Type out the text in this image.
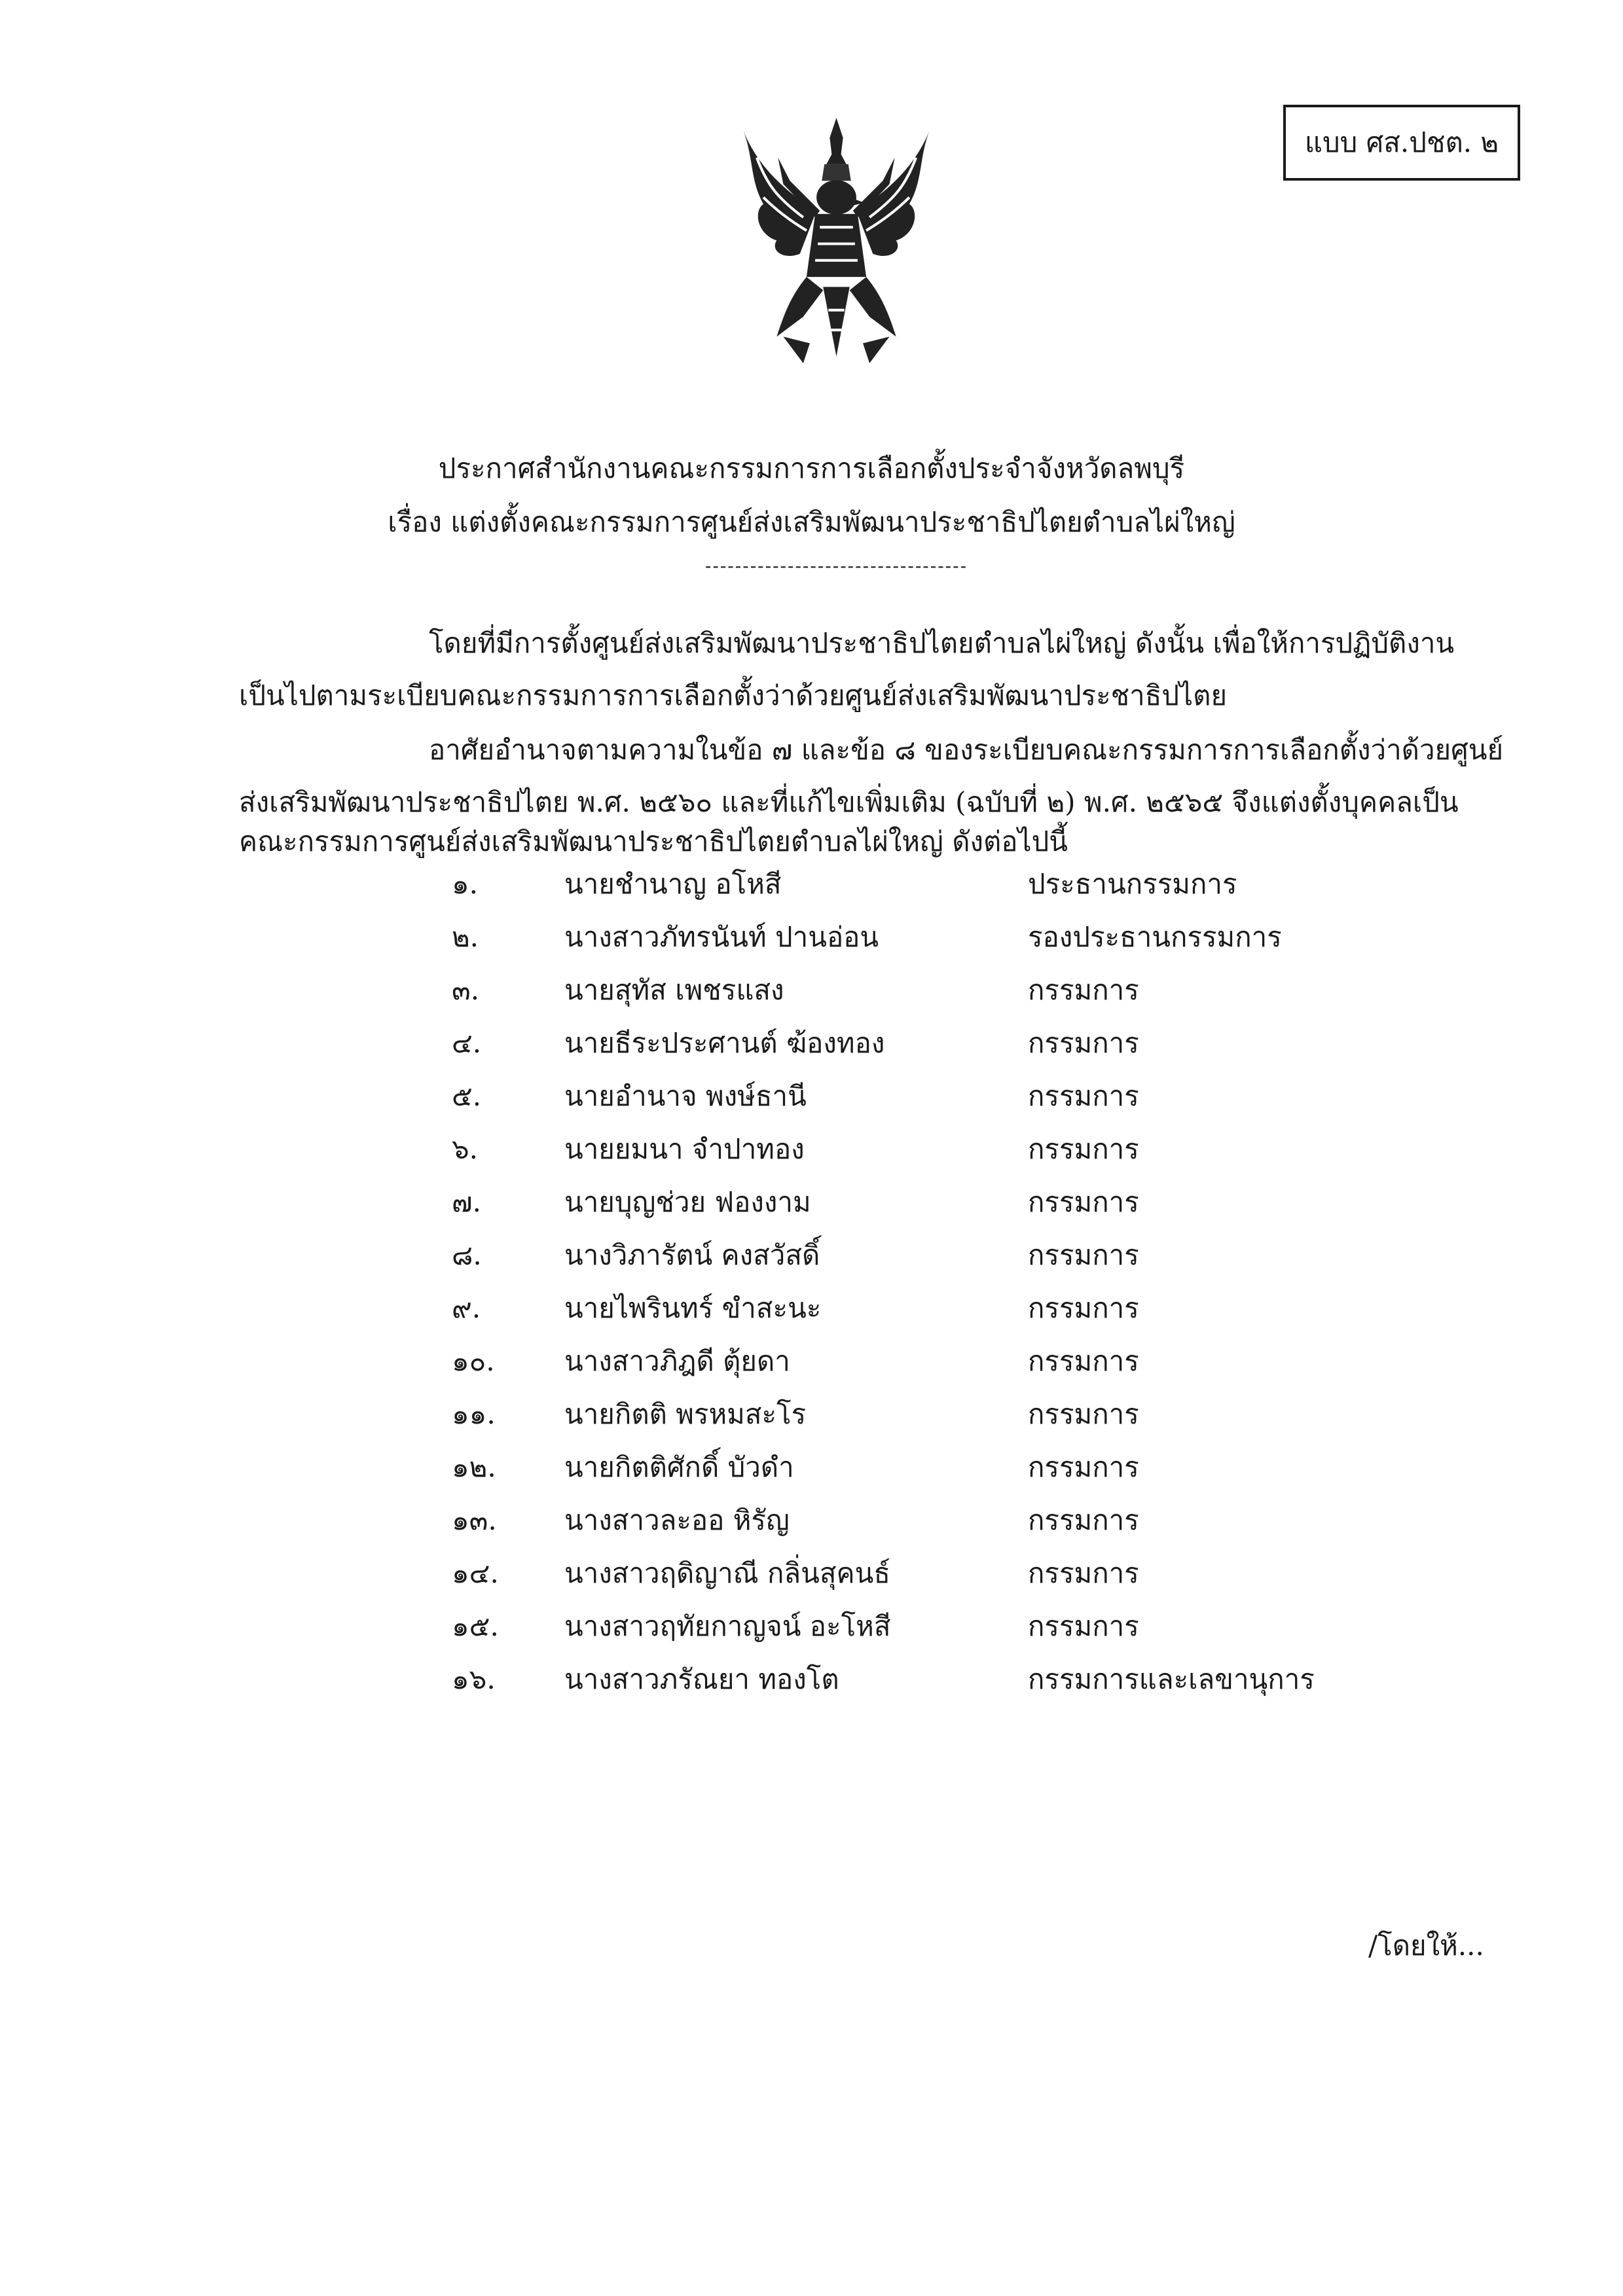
แบบ ศส.ปชต. ๒
ประกาศสำนักงานคณะกรรมการการเลือกตั้งประจำจังหวัดลพบุรี
เรื่อง แต่งตั้งคณะกรรมการศูนย์ส่งเสริมพัฒนาประชาธิปไตยตำบลไผ่ใหญ่
-----------------------------------
โดยที่มีการตั้งศูนย์ส่งเสริมพัฒนาประชาธิปไตยตำบลไผ่ใหญ่ ดังนั้น เพื่อให้การปฏิบัติงาน
เป็นไปตามระเบียบคณะกรรมการการเลือกตั้งว่าด้วยศูนย์ส่งเสริมพัฒนาประชาธิปไตย
อาศัยอำนาจตามความในข้อ ๗ และข้อ ๘ ของระเบียบคณะกรรมการการเลือกตั้งว่าด้วยศูนย์
ส่งเสริมพัฒนาประชาธิปไตย พ.ศ. ๒๕๖๐ และที่แก้ไขเพิ่มเติม (ฉบับที่ ๒) พ.ศ. ๒๕๖๕ จึงแต่งตั้งบุคคลเป็น
คณะกรรมการศูนย์ส่งเสริมพัฒนาประชาธิปไตยตำบลไผ่ใหญ่ ดังต่อไปนี้
๑.	นายชำนาญ อโหสี	ประธานกรรมการ
๒.	นางสาวภัทรนันท์ ปานอ่อน	รองประธานกรรมการ
๓.	นายสุทัส เพชรแสง	กรรมการ
๔.	นายธีระประศานต์ ฆ้องทอง	กรรมการ
๕.	นายอำนาจ พงษ์ธานี	กรรมการ
๖.	นายยมนา จำปาทอง	กรรมการ
๗.	นายบุญช่วย ฟองงาม	กรรมการ
๘.	นางวิภารัตน์ คงสวัสดิ์	กรรมการ
๙.	นายไพรินทร์ ขำสะนะ	กรรมการ
๑๐.	นางสาวภิฎดี ตุ้ยดา	กรรมการ
๑๑.	นายกิตติ พรหมสะโร	กรรมการ
๑๒. นายกิตติศักดิ์ บัวดำ	กรรมการ
๑๓. นางสาวละออ หิรัญ	กรรมการ
๑๔. นางสาวฤดิญาณี กลิ่นสุคนธ์	กรรมการ
๑๕. นางสาวฤทัยกาญจน์ อะโหสี	กรรมการ
๑๖.	นางสาวภรัณยา ทองโต	กรรมการและเลขานุการ
/โดยให้...
